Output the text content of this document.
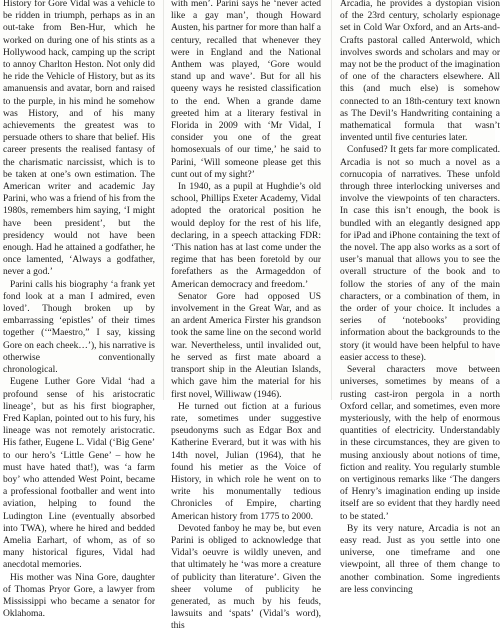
History for Gore Vidal was a vehicle to be ridden in triumph, perhaps as in an out-take from Ben-Hur, which he worked on during one of his stints as a Hollywood hack, camping up the script to annoy Charlton Heston. Not only did he ride the Vehicle of History, but as its amanuensis and avatar, born and raised to the purple, in his mind he somehow was History, and of his many achievements the greatest was to persuade others to share that belief. His career presents the realised fantasy of the charismatic narcissist, which is to be taken at one’s own estimation. The American writer and academic Jay Parini, who was a friend of his from the 1980s, remembers him saying, ‘I might have been president’, but the presidency would not have been enough. Had he attained a godfather, he once lamented, ‘Always a godfather, never a god.’

Parini calls his biography ‘a frank yet fond look at a man I admired, even loved’. Though broken up by embarrassing ‘epistles’ of their times together (‘“Maestro,” I say, kissing Gore on each cheek…’), his narrative is otherwise conventionally chronological.

Eugene Luther Gore Vidal ‘had a profound sense of his aristocratic lineage’, but as his first biographer, Fred Kaplan, pointed out to his fury, his lineage was not remotely aristocratic. His father, Eugene L. Vidal (‘Big Gene’ to our hero’s ‘Little Gene’ – how he must have hated that!), was ‘a farm boy’ who attended West Point, became a professional footballer and went into aviation, helping to found the Ludington Line (eventually absorbed into TWA), where he hired and bedded Amelia Earhart, of whom, as of so many historical figures, Vidal had anecdotal memories.

His mother was Nina Gore, daughter of Thomas Pryor Gore, a lawyer from Mississippi who became a senator for Oklahoma.

with men’. Parini says he ‘never acted like a gay man’, though Howard Austen, his partner for more than half a century, recalled that whenever they were in England and the National Anthem was played, ‘Gore would stand up and wave’. But for all his queeny ways he resisted classification to the end. When a grande dame greeted him at a literary festival in Florida in 2009 with ‘Mr Vidal, I consider you one of the great homosexuals of our time,’ he said to Parini, ‘Will someone please get this cunt out of my sight?’

In 1940, as a pupil at Hughdie’s old school, Phillips Exeter Academy, Vidal adopted the oratorical position he would deploy for the rest of his life, declaring, in a speech attacking FDR: ‘This nation has at last come under the regime that has been foretold by our forefathers as the Armageddon of American democracy and freedom.’

Senator Gore had opposed US involvement in the Great War, and as an ardent America Firster his grandson took the same line on the second world war. Nevertheless, until invalided out, he served as first mate aboard a transport ship in the Aleutian Islands, which gave him the material for his first novel, Williwaw (1946).

He turned out fiction at a furious rate, sometimes under suggestive pseudonyms such as Edgar Box and Katherine Everard, but it was with his 14th novel, Julian (1964), that he found his metier as the Voice of History, in which role he went on to write his monumentally tedious Chronicles of Empire, charting American history from 1775 to 2000.

Devoted fanboy he may be, but even Parini is obliged to acknowledge that Vidal’s oeuvre is wildly uneven, and that ultimately he ‘was more a creature of publicity than literature’. Given the sheer volume of publicity he generated, as much by his feuds, lawsuits and ‘spats’ (Vidal’s word), this

Arcadia, he provides a dystopian vision of the 23rd century, scholarly espionage set in Cold War Oxford, and an Arts-and-Crafts pastoral called Anterwold, which involves swords and scholars and may or may not be the product of the imagination of one of the characters elsewhere. All this (and much else) is somehow connected to an 18th-century text known as The Devil’s Handwriting containing a mathematical formula that wasn’t invented until five centuries later.

Confused? It gets far more complicated. Arcadia is not so much a novel as a cornucopia of narratives. These unfold through three interlocking universes and involve the viewpoints of ten characters. In case this isn’t enough, the book is bundled with an elegantly designed app for iPad and iPhone containing the text of the novel. The app also works as a sort of user’s manual that allows you to see the overall structure of the book and to follow the stories of any of the main characters, or a combination of them, in the order of your choice. It includes a series of ‘notebooks’ providing information about the backgrounds to the story (it would have been helpful to have easier access to these).

Several characters move between universes, sometimes by means of a rusting cast-iron pergola in a north Oxford cellar, and sometimes, even more mysteriously, with the help of enormous quantities of electricity. Understandably in these circumstances, they are given to musing anxiously about notions of time, fiction and reality. You regularly stumble on vertiginous remarks like ‘The dangers of Henry’s imagination ending up inside itself are so evident that they hardly need to be stated.’

By its very nature, Arcadia is not an easy read. Just as you settle into one universe, one timeframe and one viewpoint, all three of them change to another combination. Some ingredients are less convincing
